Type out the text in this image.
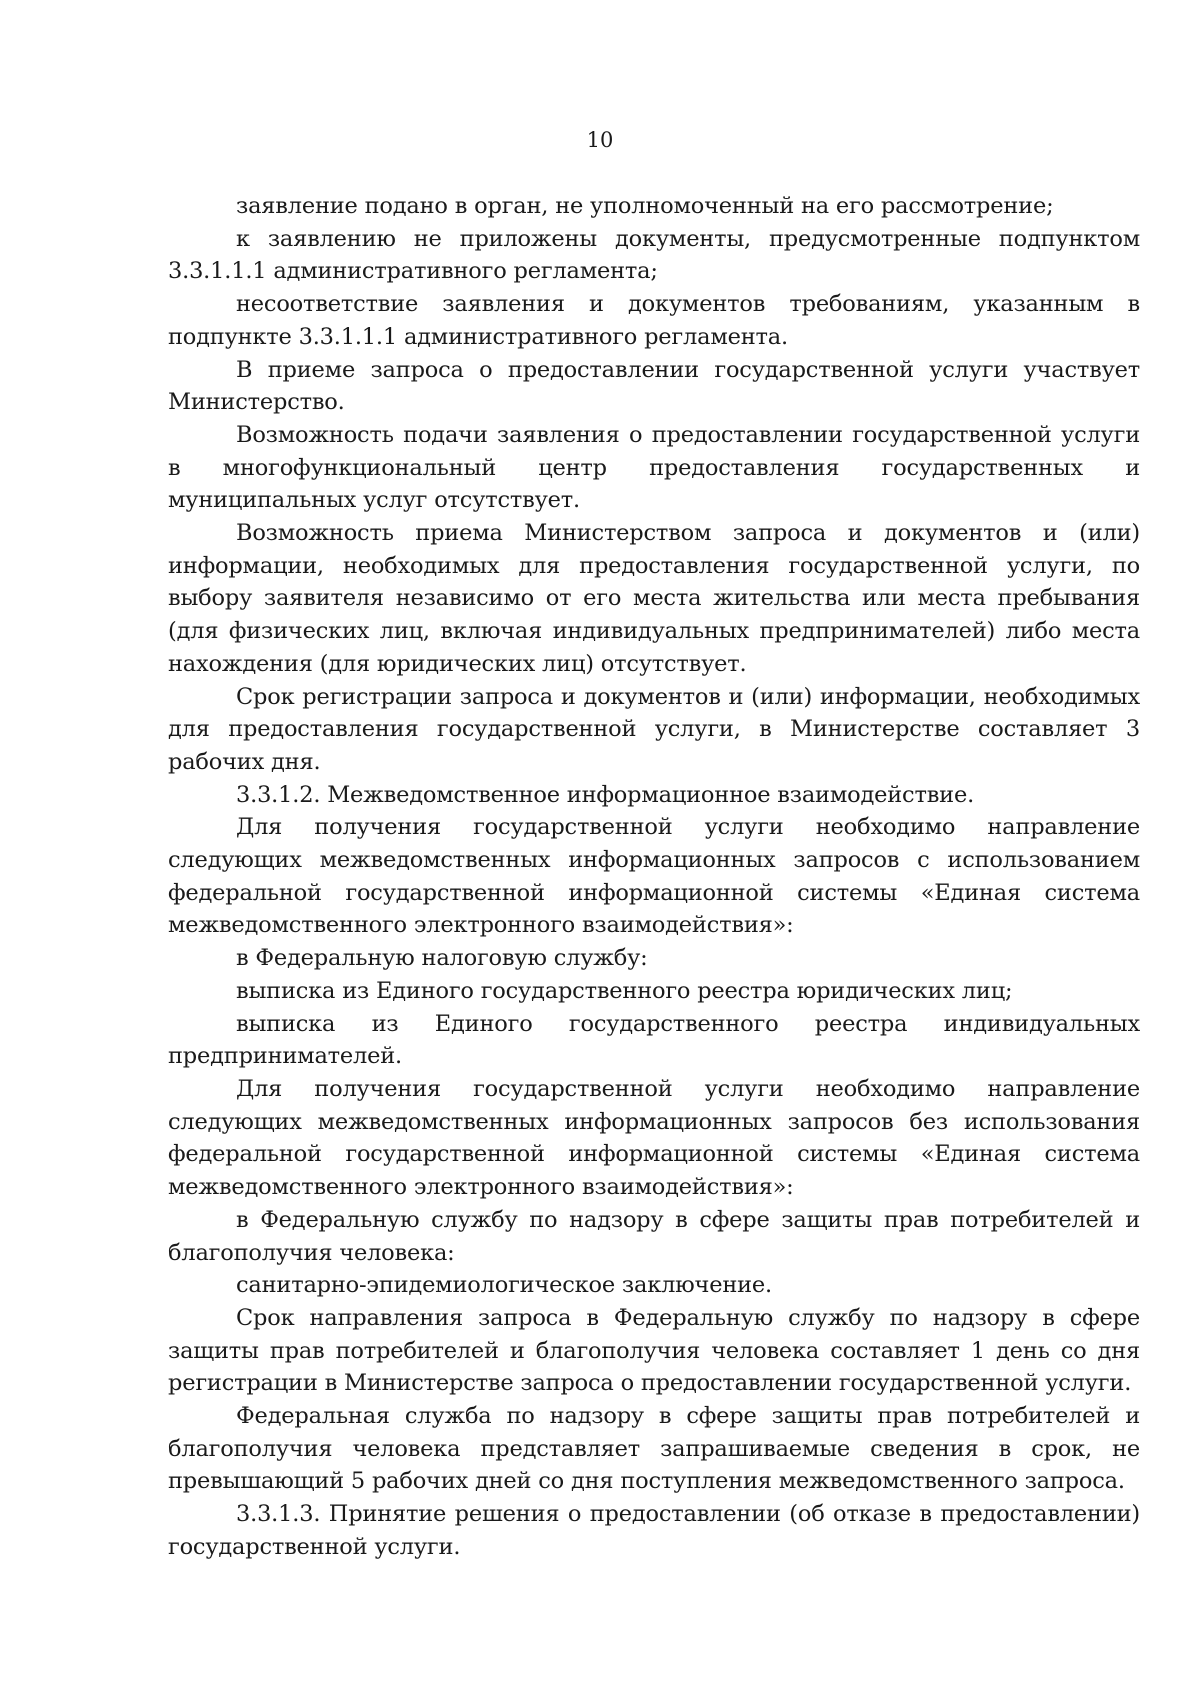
10

заявление подано в орган, не уполномоченный на его рассмотрение;

к заявлению не приложены документы, предусмотренные подпунктом 3.3.1.1.1 административного регламента;

несоответствие заявления и документов требованиям, указанным в подпункте 3.3.1.1.1 административного регламента.

В приеме запроса о предоставлении государственной услуги участвует Министерство.

Возможность подачи заявления о предоставлении государственной услуги в многофункциональный центр предоставления государственных и муниципальных услуг отсутствует.

Возможность приема Министерством запроса и документов и (или) информации, необходимых для предоставления государственной услуги, по выбору заявителя независимо от его места жительства или места пребывания (для физических лиц, включая индивидуальных предпринимателей) либо места нахождения (для юридических лиц) отсутствует.

Срок регистрации запроса и документов и (или) информации, необходимых для предоставления государственной услуги, в Министерстве составляет 3 рабочих дня.

3.3.1.2. Межведомственное информационное взаимодействие.

Для получения государственной услуги необходимо направление следующих межведомственных информационных запросов с использованием федеральной государственной информационной системы «Единая система межведомственного электронного взаимодействия»:

в Федеральную налоговую службу:

выписка из Единого государственного реестра юридических лиц;

выписка из Единого государственного реестра индивидуальных предпринимателей.

Для получения государственной услуги необходимо направление следующих межведомственных информационных запросов без использования федеральной государственной информационной системы «Единая система межведомственного электронного взаимодействия»:

в Федеральную службу по надзору в сфере защиты прав потребителей и благополучия человека:

санитарно-эпидемиологическое заключение.

Срок направления запроса в Федеральную службу по надзору в сфере защиты прав потребителей и благополучия человека составляет 1 день со дня регистрации в Министерстве запроса о предоставлении государственной услуги.

Федеральная служба по надзору в сфере защиты прав потребителей и благополучия человека представляет запрашиваемые сведения в срок, не превышающий 5 рабочих дней со дня поступления межведомственного запроса.

3.3.1.3. Принятие решения о предоставлении (об отказе в предоставлении) государственной услуги.
